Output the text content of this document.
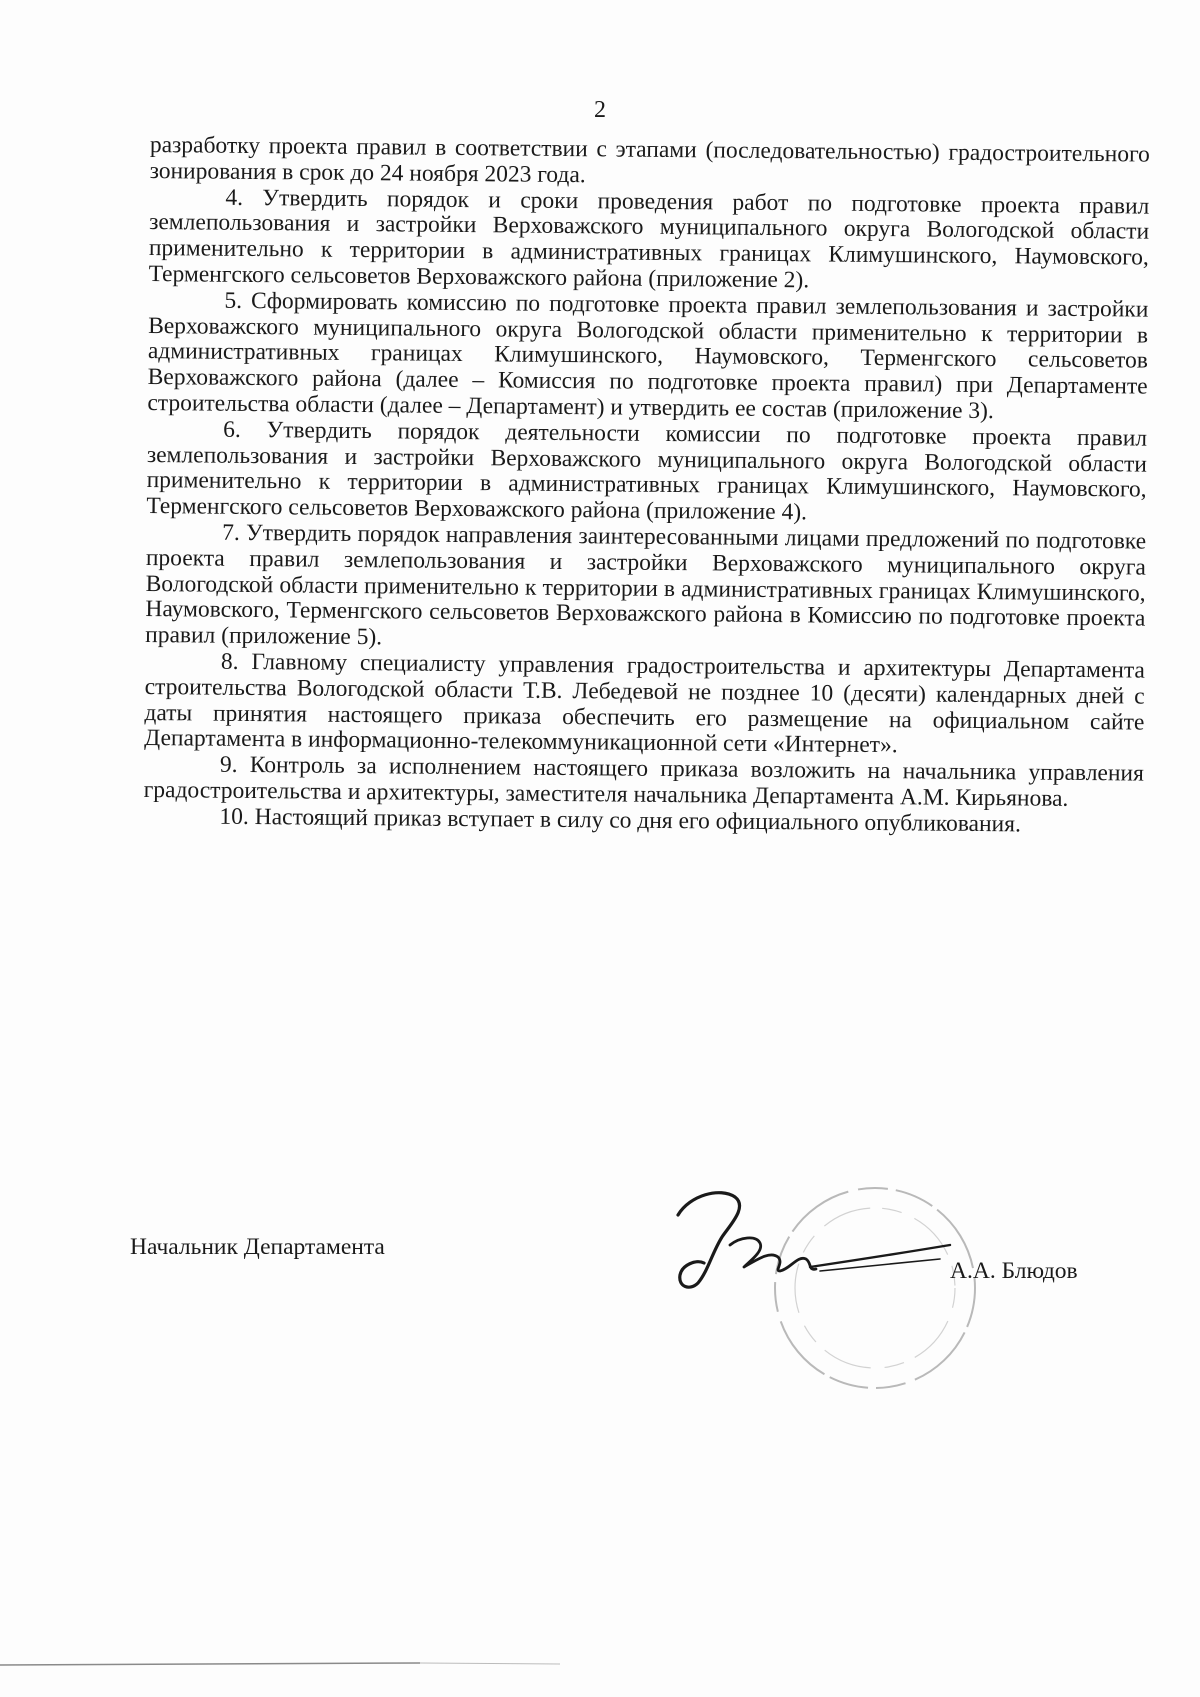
2

разработку проекта правил в соответствии с этапами (последовательностью) градостроительного зонирования в срок до 24 ноября 2023 года.

4. Утвердить порядок и сроки проведения работ по подготовке проекта правил землепользования и застройки Верховажского муниципального округа Вологодской области применительно к территории в административных границах Климушинского, Наумовского, Терменгского сельсоветов Верховажского района (приложение 2).

5. Сформировать комиссию по подготовке проекта правил землепользования и застройки Верховажского муниципального округа Вологодской области применительно к территории в административных границах Климушинского, Наумовского, Терменгского сельсоветов Верховажского района (далее – Комиссия по подготовке проекта правил) при Департаменте строительства области (далее – Департамент) и утвердить ее состав (приложение 3).

6. Утвердить порядок деятельности комиссии по подготовке проекта правил землепользования и застройки Верховажского муниципального округа Вологодской области применительно к территории в административных границах Климушинского, Наумовского, Терменгского сельсоветов Верховажского района (приложение 4).

7. Утвердить порядок направления заинтересованными лицами предложений по подготовке проекта правил землепользования и застройки Верховажского муниципального округа Вологодской области применительно к территории в административных границах Климушинского, Наумовского, Терменгского сельсоветов Верховажского района в Комиссию по подготовке проекта правил (приложение 5).

8. Главному специалисту управления градостроительства и архитектуры Департамента строительства Вологодской области Т.В. Лебедевой не позднее 10 (десяти) календарных дней с даты принятия настоящего приказа обеспечить его размещение на официальном сайте Департамента в информационно-телекоммуникационной сети «Интернет».

9. Контроль за исполнением настоящего приказа возложить на начальника управления градостроительства и архитектуры, заместителя начальника Департамента А.М. Кирьянова.

10. Настоящий приказ вступает в силу со дня его официального опубликования.

Начальник Департамента
А.А. Блюдов
